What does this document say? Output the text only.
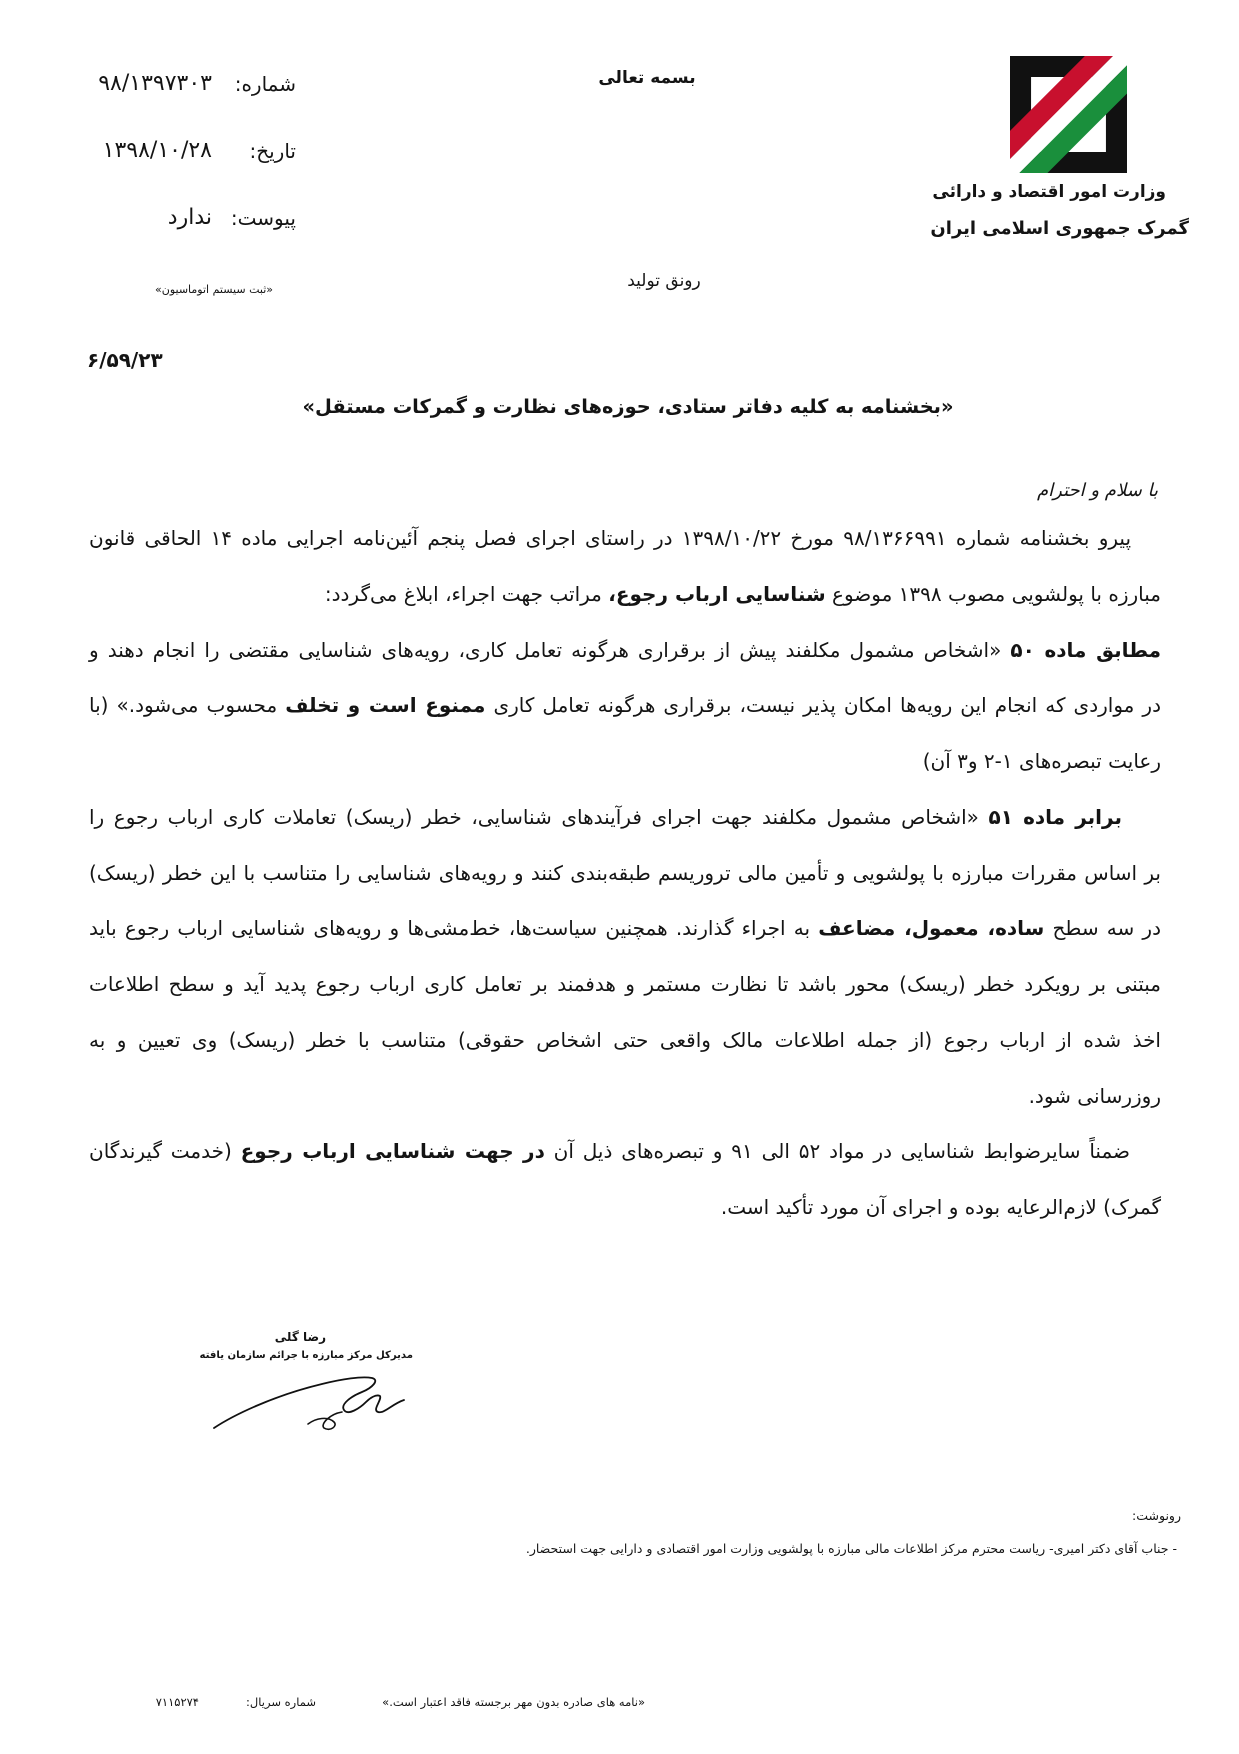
بسمه تعالی
وزارت امور اقتصاد و دارائی
گمرک جمهوری اسلامی ایران
شماره:
۹۸/۱۳۹۷۳۰۳
تاریخ:
۱۳۹۸/۱۰/۲۸
پیوست:
ندارد
«ثبت سیستم اتوماسیون»	رونق تولید
۶/۵۹/۲۳
«بخشنامه به کلیه دفاتر ستادی، حوزه‌های نظارت و گمرکات مستقل»
با سلام و احترام
پیرو بخشنامه شماره ۹۸/۱۳۶۶۹۹۱ مورخ ۱۳۹۸/۱۰/۲۲ در راستای اجرای فصل پنجم آئین‌نامه اجرایی ماده ۱۴ الحاقی قانون
مبارزه با پولشویی مصوب ۱۳۹۸ موضوع شناسایی ارباب رجوع، مراتب جهت اجراء، ابلاغ می‌گردد:
مطابق ماده ۵۰ «اشخاص مشمول مکلفند پیش از برقراری هرگونه تعامل کاری، رویه‌های شناسایی مقتضی را انجام دهند و
در مواردی که انجام این رویه‌ها امکان پذیر نیست، برقراری هرگونه تعامل کاری ممنوع است و تخلف محسوب می‌شود.» (با
رعایت تبصره‌های ۱-۲ و۳ آن)
برابر ماده ۵۱ «اشخاص مشمول مکلفند جهت اجرای فرآیندهای شناسایی، خطر (ریسک) تعاملات کاری ارباب رجوع را
بر اساس مقررات مبارزه با پولشویی و تأمین مالی تروریسم طبقه‌بندی کنند و رویه‌های شناسایی را متناسب با این خطر (ریسک)
در سه سطح ساده، معمول، مضاعف به اجراء گذارند. همچنین سیاست‌ها، خط‌مشی‌ها و رویه‌های شناسایی ارباب رجوع باید
مبتنی بر رویکرد خطر (ریسک) محور باشد تا نظارت مستمر و هدفمند بر تعامل کاری ارباب رجوع پدید آید و سطح اطلاعات
اخذ شده از ارباب رجوع (از جمله اطلاعات مالک واقعی حتی اشخاص حقوقی) متناسب با خطر (ریسک) وی تعیین و به
روزرسانی شود.
ضمناً سایرضوابط شناسایی در مواد ۵۲ الی ۹۱ و تبصره‌های ذیل آن در جهت شناسایی ارباب رجوع (خدمت گیرندگان
گمرک) لازم‌الرعایه بوده و اجرای آن مورد تأکید است.
رضا گلی
مدیرکل مرکز مبارزه با جرائم سازمان یافته
رونوشت:
- جناب آقای دکتر امیری- ریاست محترم مرکز اطلاعات مالی مبارزه با پولشویی وزارت امور اقتصادی و دارایی جهت استحضار.
«نامه های صادره بدون مهر برجسته فاقد اعتبار است.»
شماره سریال:
۷۱۱۵۲۷۴
